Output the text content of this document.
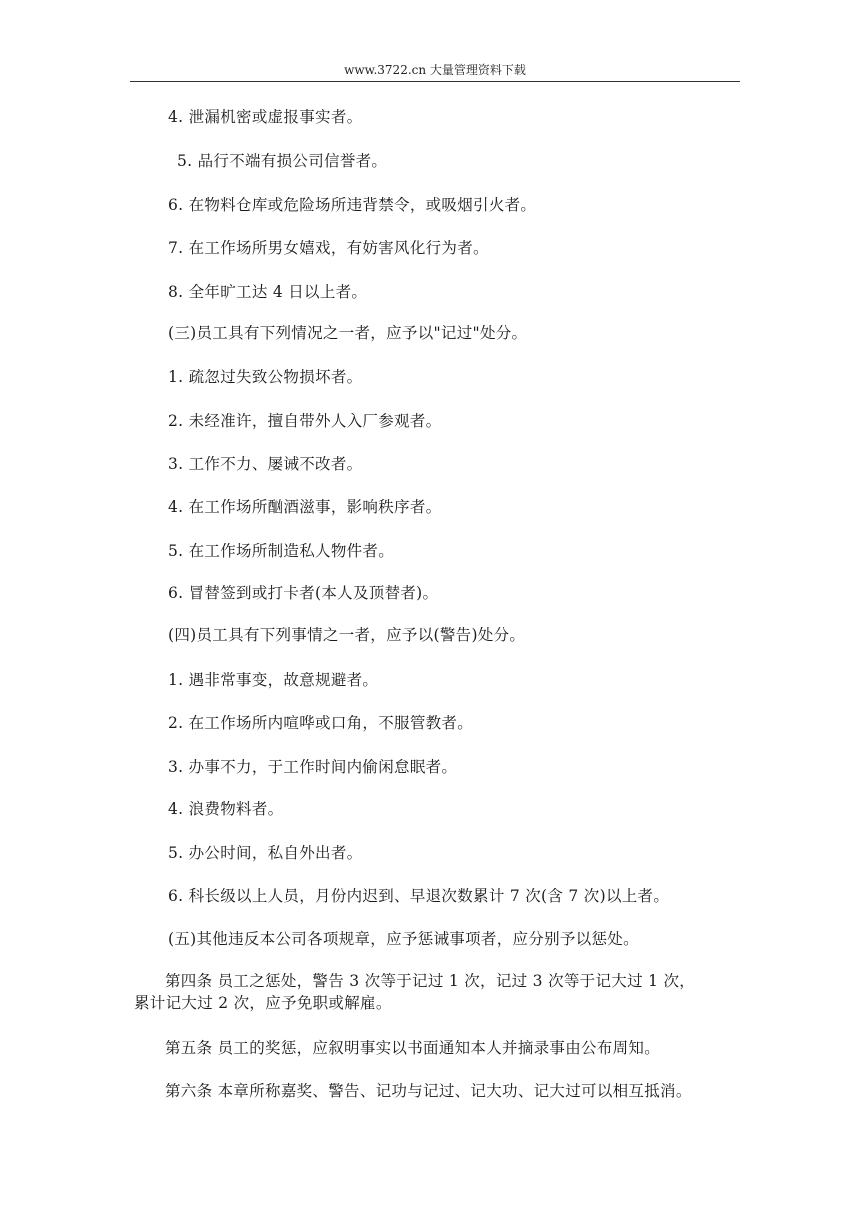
www.3722.cn 大量管理资料下载
4. 泄漏机密或虚报事实者。
5. 品行不端有损公司信誉者。
6. 在物料仓库或危险场所违背禁令，或吸烟引火者。
7. 在工作场所男女嬉戏，有妨害风化行为者。
8. 全年旷工达 4 日以上者。
(三)员工具有下列情况之一者，应予以"记过"处分。
1. 疏忽过失致公物损坏者。
2. 未经准许，擅自带外人入厂参观者。
3. 工作不力、屡诫不改者。
4. 在工作场所酗酒滋事，影响秩序者。
5. 在工作场所制造私人物件者。
6. 冒替签到或打卡者(本人及顶替者)。
(四)员工具有下列事情之一者，应予以(警告)处分。
1. 遇非常事变，故意规避者。
2. 在工作场所内喧哗或口角，不服管教者。
3. 办事不力，于工作时间内偷闲怠眠者。
4. 浪费物料者。
5. 办公时间，私自外出者。
6. 科长级以上人员，月份内迟到、早退次数累计 7 次(含 7 次)以上者。
(五)其他违反本公司各项规章，应予惩诫事项者，应分别予以惩处。
第四条 员工之惩处，警告 3 次等于记过 1 次，记过 3 次等于记大过 1 次，
累计记大过 2 次，应予免职或解雇。
第五条 员工的奖惩，应叙明事实以书面通知本人并摘录事由公布周知。
第六条 本章所称嘉奖、警告、记功与记过、记大功、记大过可以相互抵消。
